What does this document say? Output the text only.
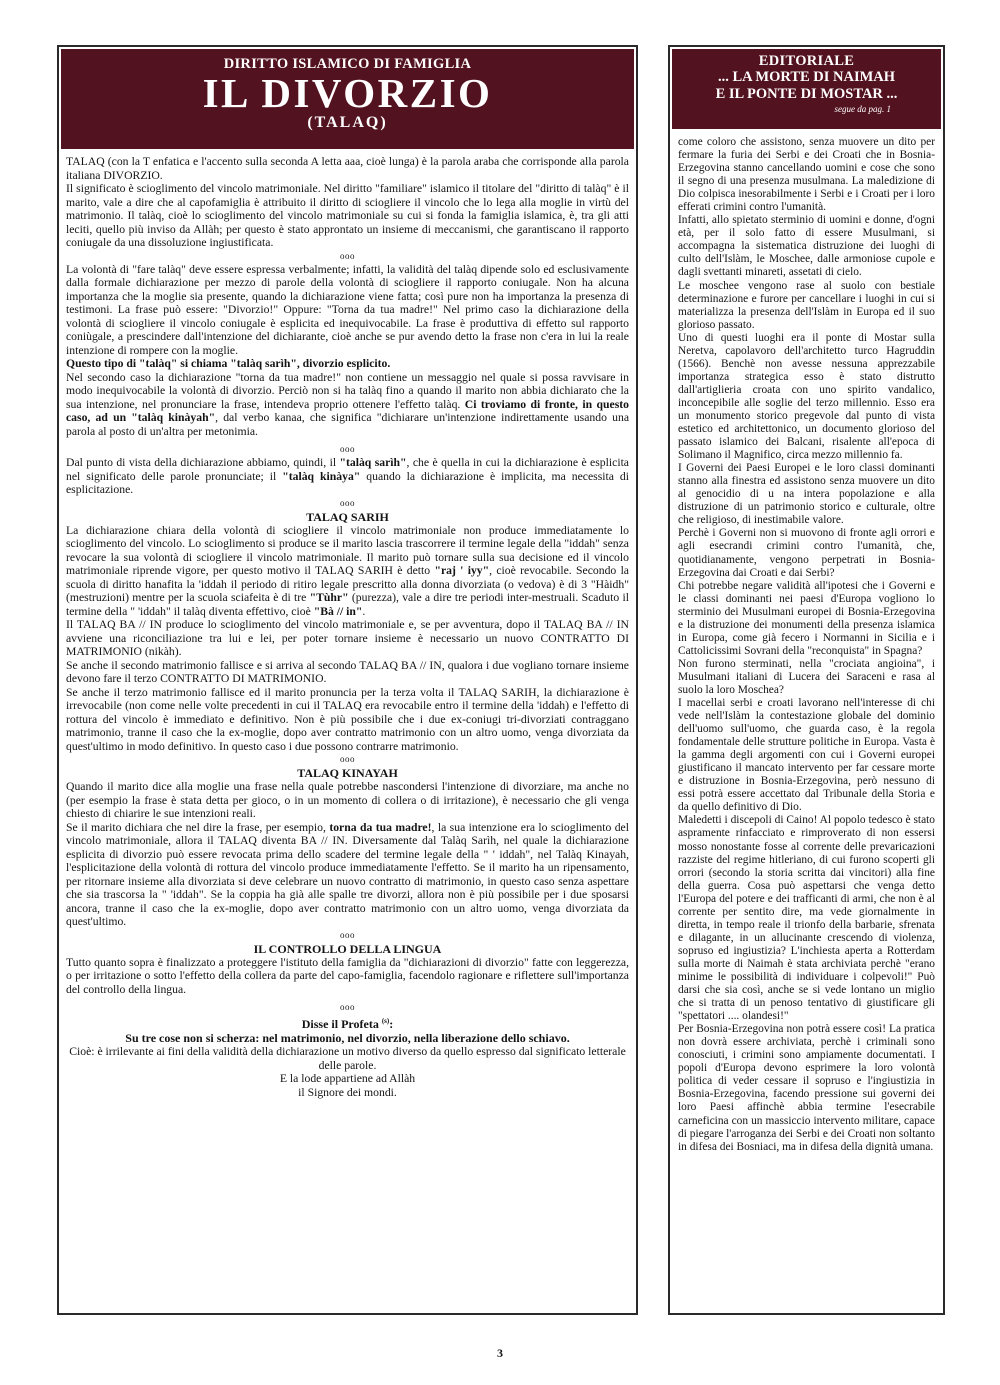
DIRITTO ISLAMICO DI FAMIGLIA
IL DIVORZIO
(TALAQ)

TALAQ (con la T enfatica e l'accento sulla seconda A letta aaa, cioè lunga) è la parola araba che corrisponde alla parola italiana DIVORZIO.

Il significato è scioglimento del vincolo matrimoniale. Nel diritto "familiare" islamico il titolare del "diritto di talàq" è il marito, vale a dire che al capofamiglia è attribuito il diritto di sciogliere il vincolo che lo lega alla moglie in virtù del matrimonio. Il talàq, cioè lo scioglimento del vincolo matrimoniale su cui si fonda la famiglia islamica, è, tra gli atti leciti, quello più inviso da Allàh; per questo è stato approntato un insieme di meccanismi, che garantiscano il rapporto coniugale da una dissoluzione ingiustificata.

ooo

La volontà di "fare talàq" deve essere espressa verbalmente; infatti, la validità del talàq dipende solo ed esclusivamente dalla formale dichiarazione per mezzo di parole della volontà di sciogliere il rapporto coniugale. Non ha alcuna importanza che la moglie sia presente, quando la dichiarazione viene fatta; così pure non ha importanza la presenza di testimoni. La frase può essere: "Divorzio!" Oppure: "Torna da tua madre!" Nel primo caso la dichiarazione della volontà di sciogliere il vincolo coniugale è esplicita ed inequivocabile. La frase è produttiva di effetto sul rapporto coniùgale, a prescindere dall'intenzione del dichiarante, cioè anche se pur avendo detto la frase non c'era in lui la reale intenzione di rompere con la moglie.

Questo tipo di "talàq" si chiama "talàq sarìh", divorzio esplicito.

Nel secondo caso la dichiarazione "torna da tua madre!" non contiene un messaggio nel quale si possa ravvisare in modo inequivocabile la volontà di divorzio. Perciò non si ha talàq fino a quando il marito non abbia dichiarato che la sua intenzione, nel pronunciare la frase, intendeva proprio ottenere l'effetto talàq. Ci troviamo di fronte, in questo caso, ad un "talàq kinàyah", dal verbo kanaa, che significa "dichiarare un'intenzione indirettamente usando una parola al posto di un'altra per metonimia.

ooo

Dal punto di vista della dichiarazione abbiamo, quindi, il "talàq sarìh", che è quella in cui la dichiarazione è esplicita nel significato delle parole pronunciate; il "talàq kinàya" quando la dichiarazione è implicita, ma necessita di esplicitazione.

ooo
TALAQ SARIH

La dichiarazione chiara della volontà di sciogliere il vincolo matrimoniale non produce immediatamente lo scioglimento del vincolo. Lo scioglimento si produce se il marito lascia trascorrere il termine legale della "iddah" senza revocare la sua volontà di sciogliere il vincolo matrimoniale. Il marito può tornare sulla sua decisione ed il vincolo matrimoniale riprende vigore, per questo motivo il TALAQ SARIH è detto "raj ' iyy", cioè revocabile. Secondo la scuola di diritto hanafita la 'iddah il periodo di ritiro legale prescritto alla donna divorziata (o vedova) è di 3 "Hàidh" (mestruzioni) mentre per la scuola sciafeita è di tre "Tùhr" (purezza), vale a dire tre periodi inter-mestruali. Scaduto il termine della " 'iddah" il talàq diventa effettivo, cioè "Bà // in".

Il TALAQ BA // IN produce lo scioglimento del vincolo matrimoniale e, se per avventura, dopo il TALAQ BA // IN avviene una riconciliazione tra lui e lei, per poter tornare insieme è necessario un nuovo CONTRATTO DI MATRIMONIO (nikàh).

Se anche il secondo matrimonio fallisce e si arriva al secondo TALAQ BA // IN, qualora i due vogliano tornare insieme devono fare il terzo CONTRATTO DI MATRIMONIO.

Se anche il terzo matrimonio fallisce ed il marito pronuncia per la terza volta il TALAQ SARIH, la dichiarazione è irrevocabile (non come nelle volte precedenti in cui il TALAQ era revocabile entro il termine della 'iddah) e l'effetto di rottura del vincolo è immediato e definitivo. Non è più possibile che i due ex-coniugi tri-divorziati contraggano matrimonio, tranne il caso che la ex-moglie, dopo aver contratto matrimonio con un altro uomo, venga divorziata da quest'ultimo in modo definitivo. In questo caso i due possono contrarre matrimonio.

ooo
TALAQ KINAYAH

Quando il marito dice alla moglie una frase nella quale potrebbe nascondersi l'intenzione di divorziare, ma anche no (per esempio la frase è stata detta per gioco, o in un momento di collera o di irritazione), è necessario che gli venga chiesto di chiarire le sue intenzioni reali.

Se il marito dichiara che nel dire la frase, per esempio, torna da tua madre!, la sua intenzione era lo scioglimento del vincolo matrimoniale, allora il TALAQ diventa BA // IN. Diversamente dal Talàq Sarìh, nel quale la dichiarazione esplicita di divorzio può essere revocata prima dello scadere del termine legale della " ' iddah", nel Talàq Kinayah, l'esplicitazione della volontà di rottura del vincolo produce immediatamente l'effetto. Se il marito ha un ripensamento, per ritornare insieme alla divorziata si deve celebrare un nuovo contratto di matrimonio, in questo caso senza aspettare che sia trascorsa la " 'iddah". Se la coppia ha già alle spalle tre divorzi, allora non è più possibile per i due sposarsi ancora, tranne il caso che la ex-moglie, dopo aver contratto matrimonio con un altro uomo, venga divorziata da quest'ultimo.

ooo
IL CONTROLLO DELLA LINGUA

Tutto quanto sopra è finalizzato a proteggere l'istituto della famiglia da "dichiarazioni di divorzio" fatte con leggerezza, o per irritazione o sotto l'effetto della collera da parte del capo-famiglia, facendolo ragionare e riflettere sull'importanza del controllo della lingua.

ooo
Disse il Profeta $^{(s)}$:
Su tre cose non si scherza: nel matrimonio, nel divorzio, nella liberazione dello schiavo.

Cioè: è irrilevante ai fini della validità della dichiarazione un motivo diverso da quello espresso dal significato letterale delle parole.

E la lode appartiene ad Allàh

il Signore dei mondi.

EDITORIALE
... LA MORTE DI NAIMAH
E IL PONTE DI MOSTAR ...
segue da pag. 1

come coloro che assistono, senza muovere un dito per fermare la furia dei Serbi e dei Croati che in Bosnia-Erzegovina stanno cancellando uomini e cose che sono il segno di una presenza musulmana. La maledizione di Dio colpisca inesorabilmente i Serbi e i Croati per i loro efferati crimini contro l'umanità.

Infatti, allo spietato sterminio di uomini e donne, d'ogni età, per il solo fatto di essere Musulmani, si accompagna la sistematica distruzione dei luoghi di culto dell'Islàm, le Moschee, dalle armoniose cupole e dagli svettanti minareti, assetati di cielo.

Le moschee vengono rase al suolo con bestiale determinazione e furore per cancellare i luoghi in cui si materializza la presenza dell'Islàm in Europa ed il suo glorioso passato.

Uno di questi luoghi era il ponte di Mostar sulla Neretva, capolavoro dell'architetto turco Hagruddin (1566). Benchè non avesse nessuna apprezzabile importanza strategica esso è stato distrutto dall'artiglieria croata con uno spirito vandalico, inconcepibile alle soglie del terzo millennio. Esso era un monumento storico pregevole dal punto di vista estetico ed architettonico, un documento glorioso del passato islamico dei Balcani, risalente all'epoca di Solimano il Magnifico, circa mezzo millennio fa.

I Governi dei Paesi Europei e le loro classi dominanti stanno alla finestra ed assistono senza muovere un dito al genocidio di u na intera popolazione e alla distruzione di un patrimonio storico e culturale, oltre che religioso, di inestimabile valore.

Perchè i Governi non si muovono di fronte agli orrori e agli esecrandi crimini contro l'umanità, che, quotidianamente, vengono perpetrati in Bosnia-Erzegovina dai Croati e dai Serbi?

Chi potrebbe negare validità all'ipotesi che i Governi e le classi dominanti nei paesi d'Europa vogliono lo sterminio dei Musulmani europei di Bosnia-Erzegovina e la distruzione dei monumenti della presenza islamica in Europa, come già fecero i Normanni in Sicilia e i Cattolicissimi Sovrani della "reconquista" in Spagna?

Non furono sterminati, nella "crociata angioina", i Musulmani italiani di Lucera dei Saraceni e rasa al suolo la loro Moschea?

I macellai serbi e croati lavorano nell'interesse di chi vede nell'Islàm la contestazione globale del dominio dell'uomo sull'uomo, che guarda caso, è la regola fondamentale delle strutture politiche in Europa. Vasta è la gamma degli argomenti con cui i Governi europei giustificano il mancato intervento per far cessare morte e distruzione in Bosnia-Erzegovina, però nessuno di essi potrà essere accettato dal Tribunale della Storia e da quello definitivo di Dio.

Maledetti i discepoli di Caino! Al popolo tedesco è stato aspramente rinfacciato e rimproverato di non essersi mosso nonostante fosse al corrente delle prevaricazioni razziste del regime hitleriano, di cui furono scoperti gli orrori (secondo la storia scritta dai vincitori) alla fine della guerra. Cosa può aspettarsi che venga detto l'Europa del potere e dei trafficanti di armi, che non è al corrente per sentito dire, ma vede giornalmente in diretta, in tempo reale il trionfo della barbarie, sfrenata e dilagante, in un allucinante crescendo di violenza, sopruso ed ingiustizia? L'inchiesta aperta a Rotterdam sulla morte di Naimah è stata archiviata perchè "erano minime le possibilità di individuare i colpevoli!" Può darsi che sia così, anche se si vede lontano un miglio che si tratta di un penoso tentativo di giustificare gli "spettatori .... olandesi!"

Per Bosnia-Erzegovina non potrà essere così! La pratica non dovrà essere archiviata, perchè i criminali sono conosciuti, i crimini sono ampiamente documentati. I popoli d'Europa devono esprimere la loro volontà politica di veder cessare il sopruso e l'ingiustizia in Bosnia-Erzegovina, facendo pressione sui governi dei loro Paesi affinchè abbia termine l'esecrabile carneficina con un massiccio intervento militare, capace di piegare l'arroganza dei Serbi e dei Croati non soltanto in difesa dei Bosniaci, ma in difesa della dignità umana.

3
